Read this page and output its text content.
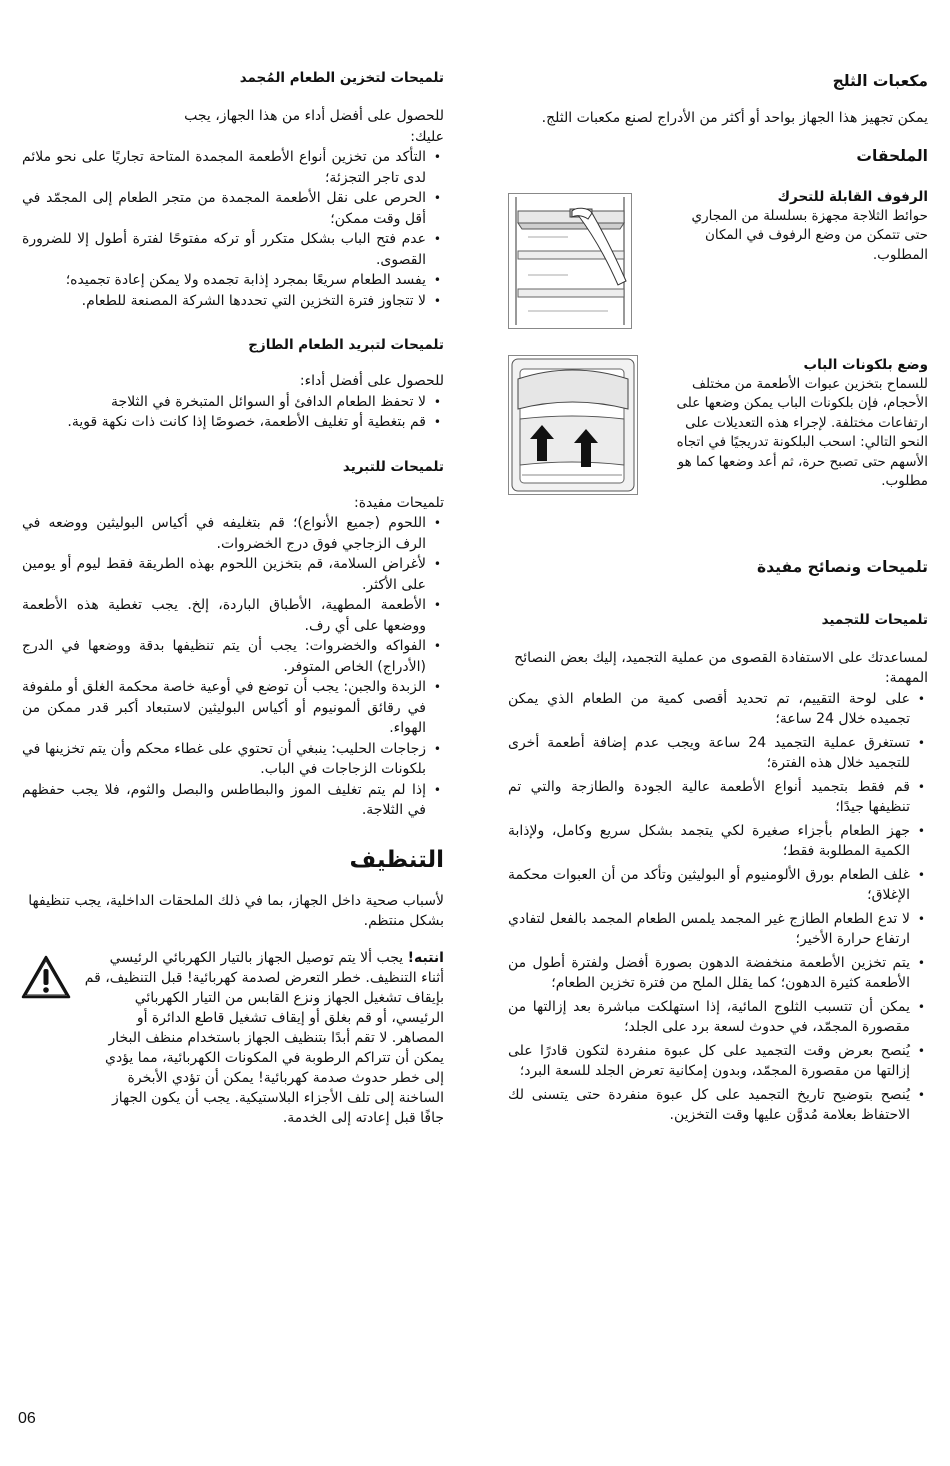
مكعبات الثلج

يمكن تجهيز هذا الجهاز بواحد أو أكثر من الأدراج لصنع مكعبات الثلج.

الملحقات
الرفوف القابلة للتحرك

حوائط الثلاجة مجهزة بسلسلة من المجاري حتى تتمكن من وضع الرفوف في المكان المطلوب.

وضع بلكونات الباب

للسماح بتخزين عبوات الأطعمة من مختلف الأحجام، فإن بلكونات الباب يمكن وضعها على ارتفاعات مختلفة. لإجراء هذه التعديلات على النحو التالي: اسحب البلكونة تدريجيًا في اتجاه الأسهم حتى تصبح حرة، ثم أعد وضعها كما هو مطلوب.

تلميحات ونصائح مفيدة
تلميحات للتجميد

لمساعدتك على الاستفادة القصوى من عملية التجميد، إليك بعض النصائح المهمة:

• على لوحة التقييم، تم تحديد أقصى كمية من الطعام الذي يمكن تجميده خلال 24 ساعة؛
• تستغرق عملية التجميد 24 ساعة ويجب عدم إضافة أطعمة أخرى للتجميد خلال هذه الفترة؛
• قم فقط بتجميد أنواع الأطعمة عالية الجودة والطازجة والتي تم تنظيفها جيدًا؛
• جهز الطعام بأجزاء صغيرة لكي يتجمد بشكل سريع وكامل، ولإذابة الكمية المطلوبة فقط؛
• غلف الطعام بورق الألومنيوم أو البوليثين وتأكد من أن العبوات محكمة الإغلاق؛
• لا تدع الطعام الطازج غير المجمد يلمس الطعام المجمد بالفعل لتفادي ارتفاع حرارة الأخير؛
• يتم تخزين الأطعمة منخفضة الدهون بصورة أفضل ولفترة أطول من الأطعمة كثيرة الدهون؛ كما يقلل الملح من فترة تخزين الطعام؛
• يمكن أن تتسبب الثلوج المائية، إذا استهلكت مباشرة بعد إزالتها من مقصورة المجمّد، في حدوث لسعة برد على الجلد؛
• يُنصح بعرض وقت التجميد على كل عبوة منفردة لتكون قادرًا على إزالتها من مقصورة المجمّد، وبدون إمكانية تعرض الجلد للسعة البرد؛
• يُنصح بتوضيح تاريخ التجميد على كل عبوة منفردة حتى يتسنى لك الاحتفاظ بعلامة مُدوَّن عليها وقت التخزين.
تلميحات لتخزين الطعام المُجمد

للحصول على أفضل أداء من هذا الجهاز، يجب عليك:

• التأكد من تخزين أنواع الأطعمة المجمدة المتاحة تجاريًا على نحو ملائم لدى تاجر التجزئة؛
• الحرص على نقل الأطعمة المجمدة من متجر الطعام إلى المجمّد في أقل وقت ممكن؛
• عدم فتح الباب بشكل متكرر أو تركه مفتوحًا لفترة أطول إلا للضرورة القصوى.
• يفسد الطعام سريعًا بمجرد إذابة تجمده ولا يمكن إعادة تجميده؛
• لا تتجاوز فترة التخزين التي تحددها الشركة المصنعة للطعام.
تلميحات لتبريد الطعام الطازج

للحصول على أفضل أداء:

• لا تحفظ الطعام الدافئ أو السوائل المتبخرة في الثلاجة
• قم بتغطية أو تغليف الأطعمة، خصوصًا إذا كانت ذات نكهة قوية.
تلميحات للتبريد

تلميحات مفيدة:

• اللحوم (جميع الأنواع)؛ قم بتغليفه في أكياس البوليثين ووضعه في الرف الزجاجي فوق درج الخضروات.
• لأغراض السلامة، قم بتخزين اللحوم بهذه الطريقة فقط ليوم أو يومين على الأكثر.
• الأطعمة المطهية، الأطباق الباردة، إلخ. يجب تغطية هذه الأطعمة ووضعها على أي رف.
• الفواكه والخضروات: يجب أن يتم تنظيفها بدقة ووضعها في الدرج (الأدراج) الخاص المتوفر.
• الزبدة والجبن: يجب أن توضع في أوعية خاصة محكمة الغلق أو ملفوفة في رقائق ألمونيوم أو أكياس البوليثين لاستبعاد أكبر قدر ممكن من الهواء.
• زجاجات الحليب: ينبغي أن تحتوي على غطاء محكم وأن يتم تخزينها في بلكونات الزجاجات في الباب.
• إذا لم يتم تغليف الموز والبطاطس والبصل والثوم، فلا يجب حفظهم في الثلاجة.
التنظيف

لأسباب صحية داخل الجهاز، بما في ذلك الملحقات الداخلية، يجب تنظيفها بشكل منتظم.

انتبه! يجب ألا يتم توصيل الجهاز بالتيار الكهربائي الرئيسي أثناء التنظيف. خطر التعرض لصدمة كهربائية! قبل التنظيف، قم بإيقاف تشغيل الجهاز ونزع القابس من التيار الكهربائي الرئيسي، أو قم بغلق أو إيقاف تشغيل قاطع الدائرة أو المصاهر. لا تقم أبدًا بتنظيف الجهاز باستخدام منظف البخار يمكن أن تتراكم الرطوبة في المكونات الكهربائية، مما يؤدي إلى خطر حدوث صدمة كهربائية! يمكن أن تؤدي الأبخرة الساخنة إلى تلف الأجزاء البلاستيكية. يجب أن يكون الجهاز جافًا قبل إعادته إلى الخدمة.

06
